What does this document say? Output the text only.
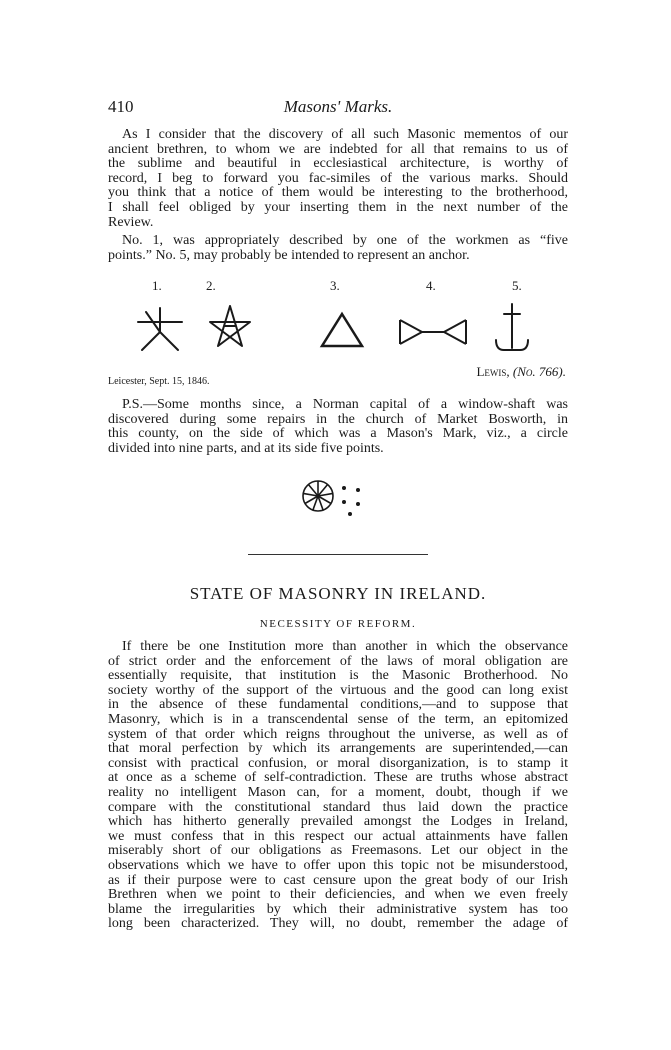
410	Masons' Marks.

As I consider that the discovery of all such Masonic mementos of our
ancient brethren, to whom we are indebted for all that remains to us of
the sublime and beautiful in ecclesiastical architecture, is worthy of
record, I beg to forward you fac-similes of the various marks. Should
you think that a notice of them would be interesting to the brotherhood,
I shall feel obliged by your inserting them in the next number of the
Review.

No. 1, was appropriately described by one of the workmen as “five
points.” No. 5, may probably be intended to represent an anchor.

1.	2.	3.	4.	5.
Lewis, (No. 766).
Leicester, Sept. 15, 1846.

P.S.—Some months since, a Norman capital of a window-shaft was
discovered during some repairs in the church of Market Bosworth, in
this county, on the side of which was a Mason's Mark, viz., a circle
divided into nine parts, and at its side five points.

STATE OF MASONRY IN IRELAND.
NECESSITY OF REFORM.

If there be one Institution more than another in which the observance
of strict order and the enforcement of the laws of moral obligation are
essentially requisite, that institution is the Masonic Brotherhood. No
society worthy of the support of the virtuous and the good can long exist
in the absence of these fundamental conditions,—and to suppose that
Masonry, which is in a transcendental sense of the term, an epitomized
system of that order which reigns throughout the universe, as well as of
that moral perfection by which its arrangements are superintended,—can
consist with practical confusion, or moral disorganization, is to stamp it
at once as a scheme of self-contradiction. These are truths whose abstract
reality no intelligent Mason can, for a moment, doubt, though if we
compare with the constitutional standard thus laid down the practice
which has hitherto generally prevailed amongst the Lodges in Ireland,
we must confess that in this respect our actual attainments have fallen
miserably short of our obligations as Freemasons. Let our object in the
observations which we have to offer upon this topic not be misunderstood,
as if their purpose were to cast censure upon the great body of our Irish
Brethren when we point to their deficiencies, and when we even freely
blame the irregularities by which their administrative system has too
long been characterized. They will, no doubt, remember the adage of
